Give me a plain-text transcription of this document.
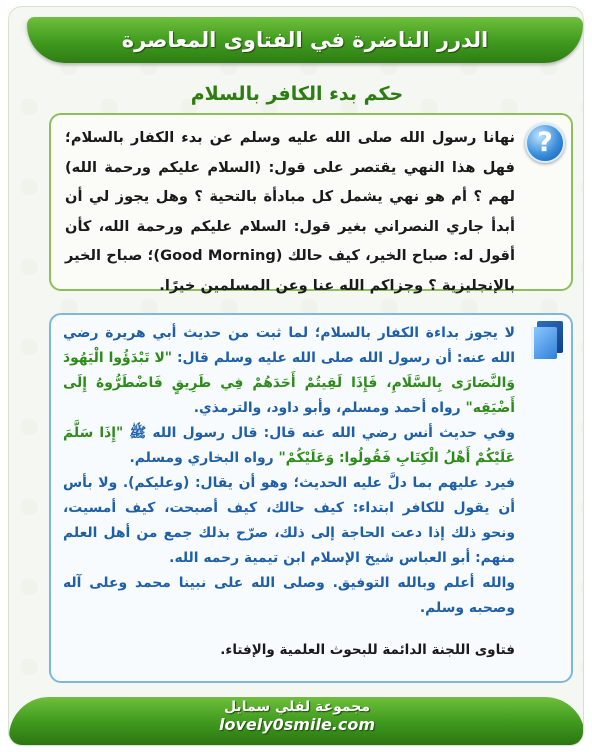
الدرر الناضرة في الفتاوى المعاصرة
حكم بدء الكافر بالسلام
?
نهانا رسول الله صلى الله عليه وسلم عن بدء الكفار بالسلام؛ فهل هذا النهي يقتصر على قول: (السلام عليكم ورحمة الله) لهم ؟ أم هو نهي يشمل كل مبادأة بالتحية ؟ وهل يجوز لي أن أبدأ جاري النصراني بغير قول: السلام عليكم ورحمة الله، كأن أقول له: صباح الخير، كيف حالك (Good Morning)؛ صباح الخير بالإنجليزية ؟ وجزاكم الله عنا وعن المسلمين خيرًا.

لا يجوز بداءة الكفار بالسلام؛ لما ثبت من حديث أبي هريرة رضي الله عنه: أن رسول الله صلى الله عليه وسلم قال: "لا تَبْدَؤُوا الْيَهُودَ وَالنَّصَارَى بِالسَّلَامِ، فَإِذَا لَقِيتُمْ أَحَدَهُمْ فِي طَرِيقٍ فَاضْطَرُّوهُ إِلَى أَضْيَقِه" رواه أحمد ومسلم، وأبو داود، والترمذي.

وفي حديث أنس رضي الله عنه قال: قال رسول الله ﷺ "إِذَا سَلَّمَ عَلَيْكُمْ أَهْلُ الْكِتَابِ فَقُولُوا: وَعَلَيْكُمْ" رواه البخاري ومسلم.

فيرد عليهم بما دلَّ عليه الحديث؛ وهو أن يقال: (وعليكم). ولا بأس أن يقول للكافر ابتداء: كيف حالك، كيف أصبحت، كيف أمسيت، ونحو ذلك إذا دعت الحاجة إلى ذلك، صرّح بذلك جمع من أهل العلم منهم: أبو العباس شيخ الإسلام ابن تيمية رحمه الله.

والله أعلم وبالله التوفيق. وصلى الله على نبينا محمد وعلى آله وصحبه وسلم.

فتاوى اللجنة الدائمة للبحوث العلمية والإفتاء.
مجموعة لفلي سمايل
lovely0smile.com
